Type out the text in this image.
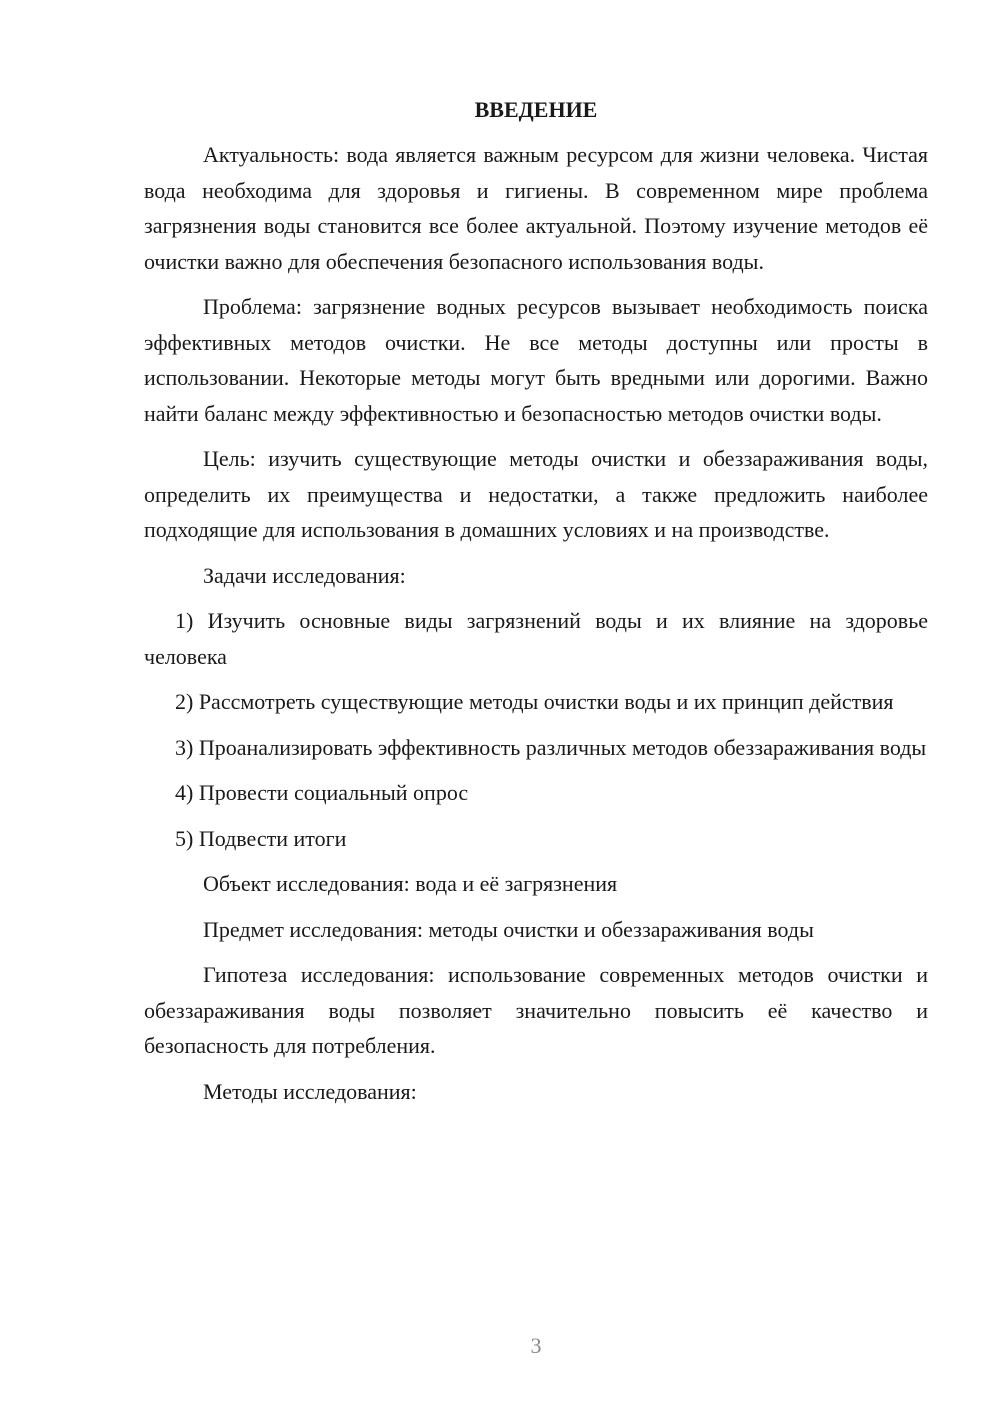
ВВЕДЕНИЕ

Актуальность: вода является важным ресурсом для жизни человека. Чистая вода необходима для здоровья и гигиены. В современном мире проблема загрязнения воды становится все более актуальной. Поэтому изучение методов её очистки важно для обеспечения безопасного использования воды.

Проблема: загрязнение водных ресурсов вызывает необходимость поиска эффективных методов очистки. Не все методы доступны или просты в использовании. Некоторые методы могут быть вредными или дорогими. Важно найти баланс между эффективностью и безопасностью методов очистки воды.

Цель: изучить существующие методы очистки и обеззараживания воды, определить их преимущества и недостатки, а также предложить наиболее подходящие для использования в домашних условиях и на производстве.

Задачи исследования:

1) Изучить основные виды загрязнений воды и их влияние на здоровье человека

2) Рассмотреть существующие методы очистки воды и их принцип действия

3) Проанализировать эффективность различных методов обеззараживания воды

4) Провести социальный опрос

5) Подвести итоги

Объект исследования: вода и её загрязнения

Предмет исследования: методы очистки и обеззараживания воды

Гипотеза исследования: использование современных методов очистки и обеззараживания воды позволяет значительно повысить её качество и безопасность для потребления.

Методы исследования:

3
